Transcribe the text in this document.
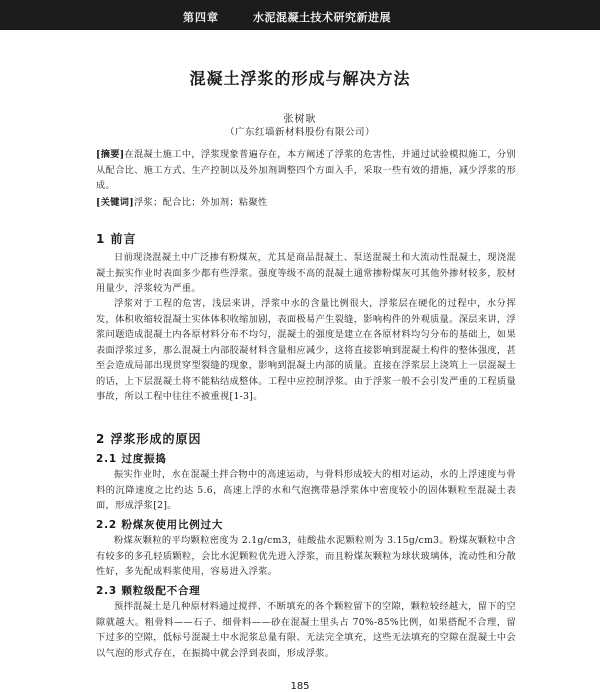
第四章	水泥混凝土技术研究新进展
混凝土浮浆的形成与解决方法
张树耿
（广东红墙新材料股份有限公司）

[摘要]在混凝土施工中，浮浆现象普遍存在，本方阐述了浮浆的危害性，并通过试验模拟施工，分别从配合比、施工方式、生产控制以及外加剂调整四个方面入手，采取一些有效的措施，减少浮浆的形成。

[关键词]浮浆；配合比；外加剂；粘聚性

1 前言

日前现浇混凝土中广泛掺有粉煤灰，尤其是商品混凝土、泵送混凝土和大流动性混凝土，现浇混凝土振实作业时表面多少都有些浮浆。强度等级不高的混凝土通常掺粉煤灰可其他外掺材较多，胶材用量少，浮浆较为严重。

浮浆对于工程的危害，浅层来讲，浮浆中水的含量比例很大，浮浆层在硬化的过程中，水分挥发，体积收缩较混凝土实体体积收缩加剧，表面极易产生裂缝，影响构件的外观质量。深层来讲，浮浆问题造成混凝土内各原材料分布不均匀，混凝土的强度是建立在各原材料均匀分布的基础上，如果表面浮浆过多，那么混凝土内部胶凝材料含量相应减少，这将直接影响到混凝土构件的整体强度，甚至会造成局部出现贯穿型裂缝的现象，影响到混凝土内部的质量。直接在浮浆层上浇筑上一层混凝土的话，上下层混凝土将不能粘结成整体。工程中应控制浮浆。由于浮浆一般不会引发严重的工程质量事故，所以工程中往往不被重视[1-3]。

2 浮浆形成的原因
2.1 过度振捣

振实作业时，水在混凝土拌合物中的高速运动，与骨料形成较大的相对运动，水的上浮速度与骨料的沉降速度之比约达 5.6，高速上浮的水和气泡携带悬浮浆体中密度较小的固体颗粒至混凝土表面，形成浮浆[2]。

2.2 粉煤灰使用比例过大

粉煤灰颗粒的平均颗粒密度为 2.1g/cm3，硅酸盐水泥颗粒则为 3.15g/cm3。粉煤灰颗粒中含有较多的多孔轻质颗粒，会比水泥颗粒优先进入浮浆，而且粉煤灰颗粒为球状玻璃体，流动性和分散性好，多先配成料浆使用，容易进入浮浆。

2.3 颗粒级配不合理

预拌混凝土是几种原材料通过搅拌、不断填充的各个颗粒留下的空隙，颗粒较经越大，留下的空隙就越大。粗骨料——石子、细骨料——砂在混凝土里头占 70%-85%比例，如果搭配不合理，留下过多的空隙，低标号混凝土中水泥浆总量有限、无法完全填充，这些无法填充的空隙在混凝土中会以气泡的形式存在，在振捣中就会浮到表面，形成浮浆。

185
